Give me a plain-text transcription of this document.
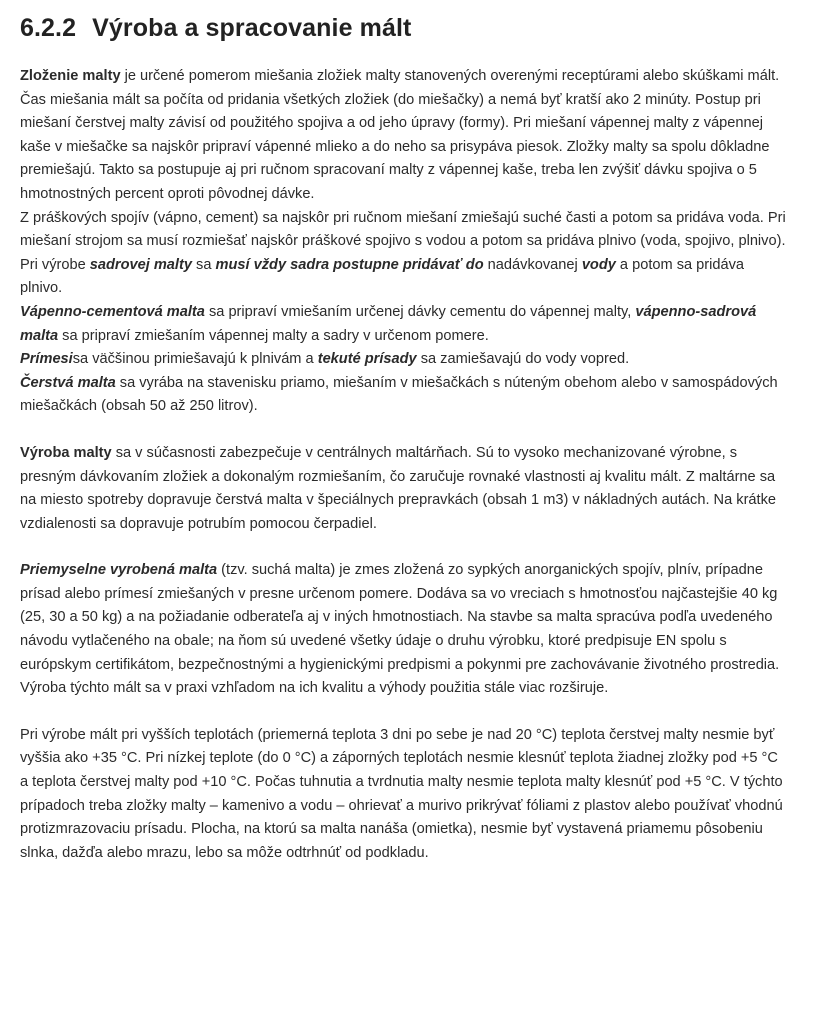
6.2.2 Výroba a spracovanie mált

Zloženie malty je určené pomerom miešania zložiek malty stanovených overenými receptúrami alebo skúškami mált. Čas miešania mált sa počíta od pridania všetkých zložiek (do miešačky) a nemá byť kratší ako 2 minúty. Postup pri miešaní čerstvej malty závisí od použitého spojiva a od jeho úpravy (formy). Pri miešaní vápennej malty z vápennej kaše v miešačke sa najskôr pripraví vápenné mlieko a do neho sa prisypáva piesok. Zložky malty sa spolu dôkladne premiešajú. Takto sa postupuje aj pri ručnom spracovaní malty z vápennej kaše, treba len zvýšiť dávku spojiva o 5 hmotnostných percent oproti pôvodnej dávke.

Z práškových spojív (vápno, cement) sa najskôr pri ručnom miešaní zmiešajú suché časti a potom sa pridáva voda. Pri miešaní strojom sa musí rozmiešať najskôr práškové spojivo s vodou a potom sa pridáva plnivo (voda, spojivo, plnivo).

Pri výrobe sadrovej malty sa musí vždy sadra postupne pridávať do nadávkovanej vody a potom sa pridáva plnivo.

Vápenno-cementová malta sa pripraví vmiešaním určenej dávky cementu do vápennej malty, vápenno-sadrová malta sa pripraví zmiešaním vápennej malty a sadry v určenom pomere.

Prímesisa väčšinou primiešavajú k plnivám a tekuté prísady sa zamiešavajú do vody vopred.

Čerstvá malta sa vyrába na stavenisku priamo, miešaním v miešačkách s núteným obehom alebo v samospádových miešačkách (obsah 50 až 250 litrov).

Výroba malty sa v súčasnosti zabezpečuje v centrálnych maltárňach. Sú to vysoko mechanizované výrobne, s presným dávkovaním zložiek a dokonalým rozmiešaním, čo zaručuje rovnaké vlastnosti aj kvalitu mált. Z maltárne sa na miesto spotreby dopravuje čerstvá malta v špeciálnych prepravkách (obsah 1 m3) v nákladných autách. Na krátke vzdialenosti sa dopravuje potrubím pomocou čerpadiel.

Priemyselne vyrobená malta (tzv. suchá malta) je zmes zložená zo sypkých anorganických spojív, plnív, prípadne prísad alebo prímesí zmiešaných v presne určenom pomere. Dodáva sa vo vreciach s hmotnosťou najčastejšie 40 kg (25, 30 a 50 kg) a na požiadanie odberateľa aj v iných hmotnostiach. Na stavbe sa malta spracúva podľa uvedeného návodu vytlačeného na obale; na ňom sú uvedené všetky údaje o druhu výrobku, ktoré predpisuje EN spolu s európskym certifikátom, bezpečnostnými a hygienickými predpismi a pokynmi pre zachovávanie životného prostredia. Výroba týchto mált sa v praxi vzhľadom na ich kvalitu a výhody použitia stále viac rozširuje.

Pri výrobe mált pri vyšších teplotách (priemerná teplota 3 dni po sebe je nad 20 °C) teplota čerstvej malty nesmie byť vyššia ako +35 °C. Pri nízkej teplote (do 0 °C) a záporných teplotách nesmie klesnúť teplota žiadnej zložky pod +5 °C a teplota čerstvej malty pod +10 °C. Počas tuhnutia a tvrdnutia malty nesmie teplota malty klesnúť pod +5 °C. V týchto prípadoch treba zložky malty – kamenivo a vodu – ohrievať a murivo prikrývať fóliami z plastov alebo používať vhodnú protizmrazovaciu prísadu. Plocha, na ktorú sa malta nanáša (omietka), nesmie byť vystavená priamemu pôsobeniu slnka, dažďa alebo mrazu, lebo sa môže odtrhnúť od podkladu.
